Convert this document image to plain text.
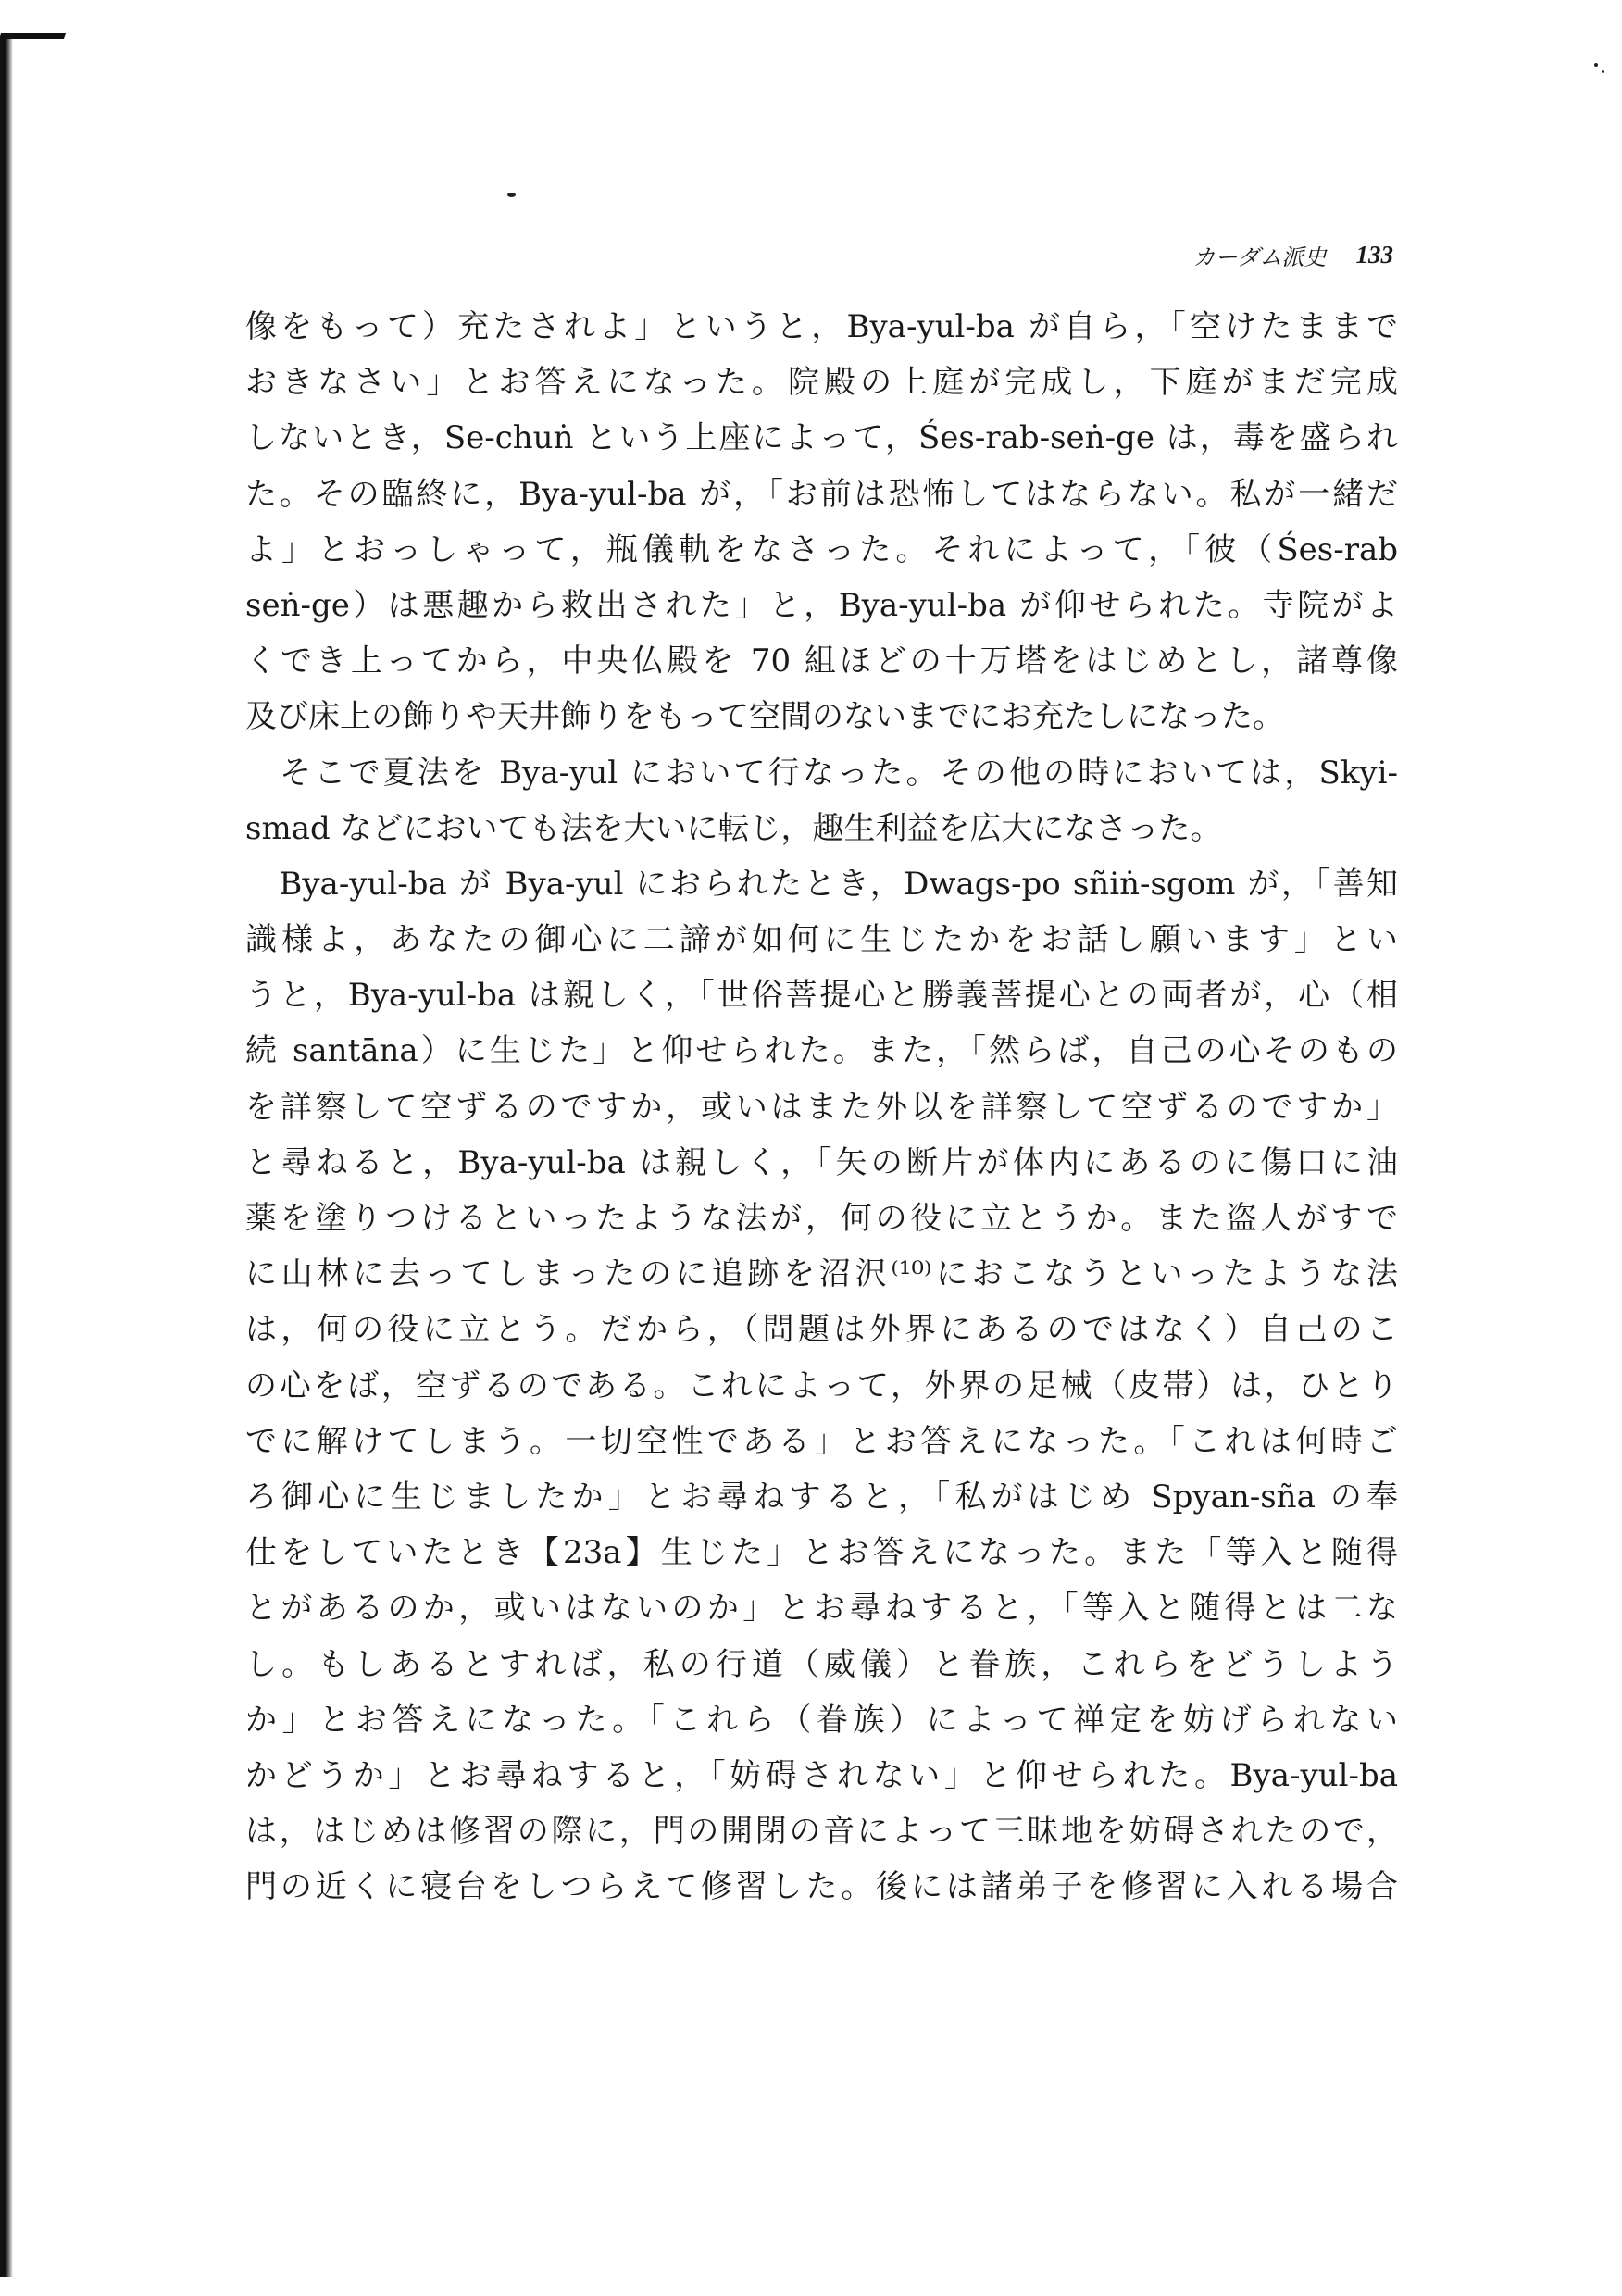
カーダム派史 133
像をもって）充たされよ」というと，Bya-yul-ba が自ら，「空けたままで
おきなさい」とお答えになった。院殿の上庭が完成し，下庭がまだ完成
しないとき，Se-chuṅ という上座によって，Śes-rab-seṅ-ge は，毒を盛られ
た。その臨終に，Bya-yul-ba が，「お前は恐怖してはならない。私が一緒だ
よ」とおっしゃって，瓶儀軌をなさった。それによって，「彼（Śes-rab
seṅ-ge）は悪趣から救出された」と，Bya-yul-ba が仰せられた。寺院がよ
くでき上ってから，中央仏殿を 70 組ほどの十万塔をはじめとし，諸尊像
及び床上の飾りや天井飾りをもって空間のないまでにお充たしになった。
　そこで夏法を Bya-yul において行なった。その他の時においては，Skyi-
smad などにおいても法を大いに転じ，趣生利益を広大になさった。
　Bya-yul-ba が Bya-yul におられたとき，Dwags-po sñiṅ-sgom が，「善知
識様よ，あなたの御心に二諦が如何に生じたかをお話し願います」とい
うと，Bya-yul-ba は親しく，「世俗菩提心と勝義菩提心との両者が，心（相
続 santāna）に生じた」と仰せられた。また，「然らば，自己の心そのもの
を詳察して空ずるのですか，或いはまた外以を詳察して空ずるのですか」
と尋ねると，Bya-yul-ba は親しく，「矢の断片が体内にあるのに傷口に油
薬を塗りつけるといったような法が，何の役に立とうか。また盗人がすで
に山林に去ってしまったのに追跡を沼沢⁽¹⁰⁾におこなうといったような法
は，何の役に立とう。だから，（問題は外界にあるのではなく）自己のこ
の心をば，空ずるのである。これによって，外界の足械（皮帯）は，ひとり
でに解けてしまう。一切空性である」とお答えになった。「これは何時ご
ろ御心に生じましたか」とお尋ねすると，「私がはじめ Spyan-sña の奉
仕をしていたとき【23a】生じた」とお答えになった。また「等入と随得
とがあるのか，或いはないのか」とお尋ねすると，「等入と随得とは二な
し。もしあるとすれば，私の行道（威儀）と眷族，これらをどうしよう
か」とお答えになった。「これら（眷族）によって禅定を妨げられない
かどうか」とお尋ねすると，「妨碍されない」と仰せられた。Bya-yul-ba
は，はじめは修習の際に，門の開閉の音によって三昧地を妨碍されたので，
門の近くに寝台をしつらえて修習した。後には諸弟子を修習に入れる場合
